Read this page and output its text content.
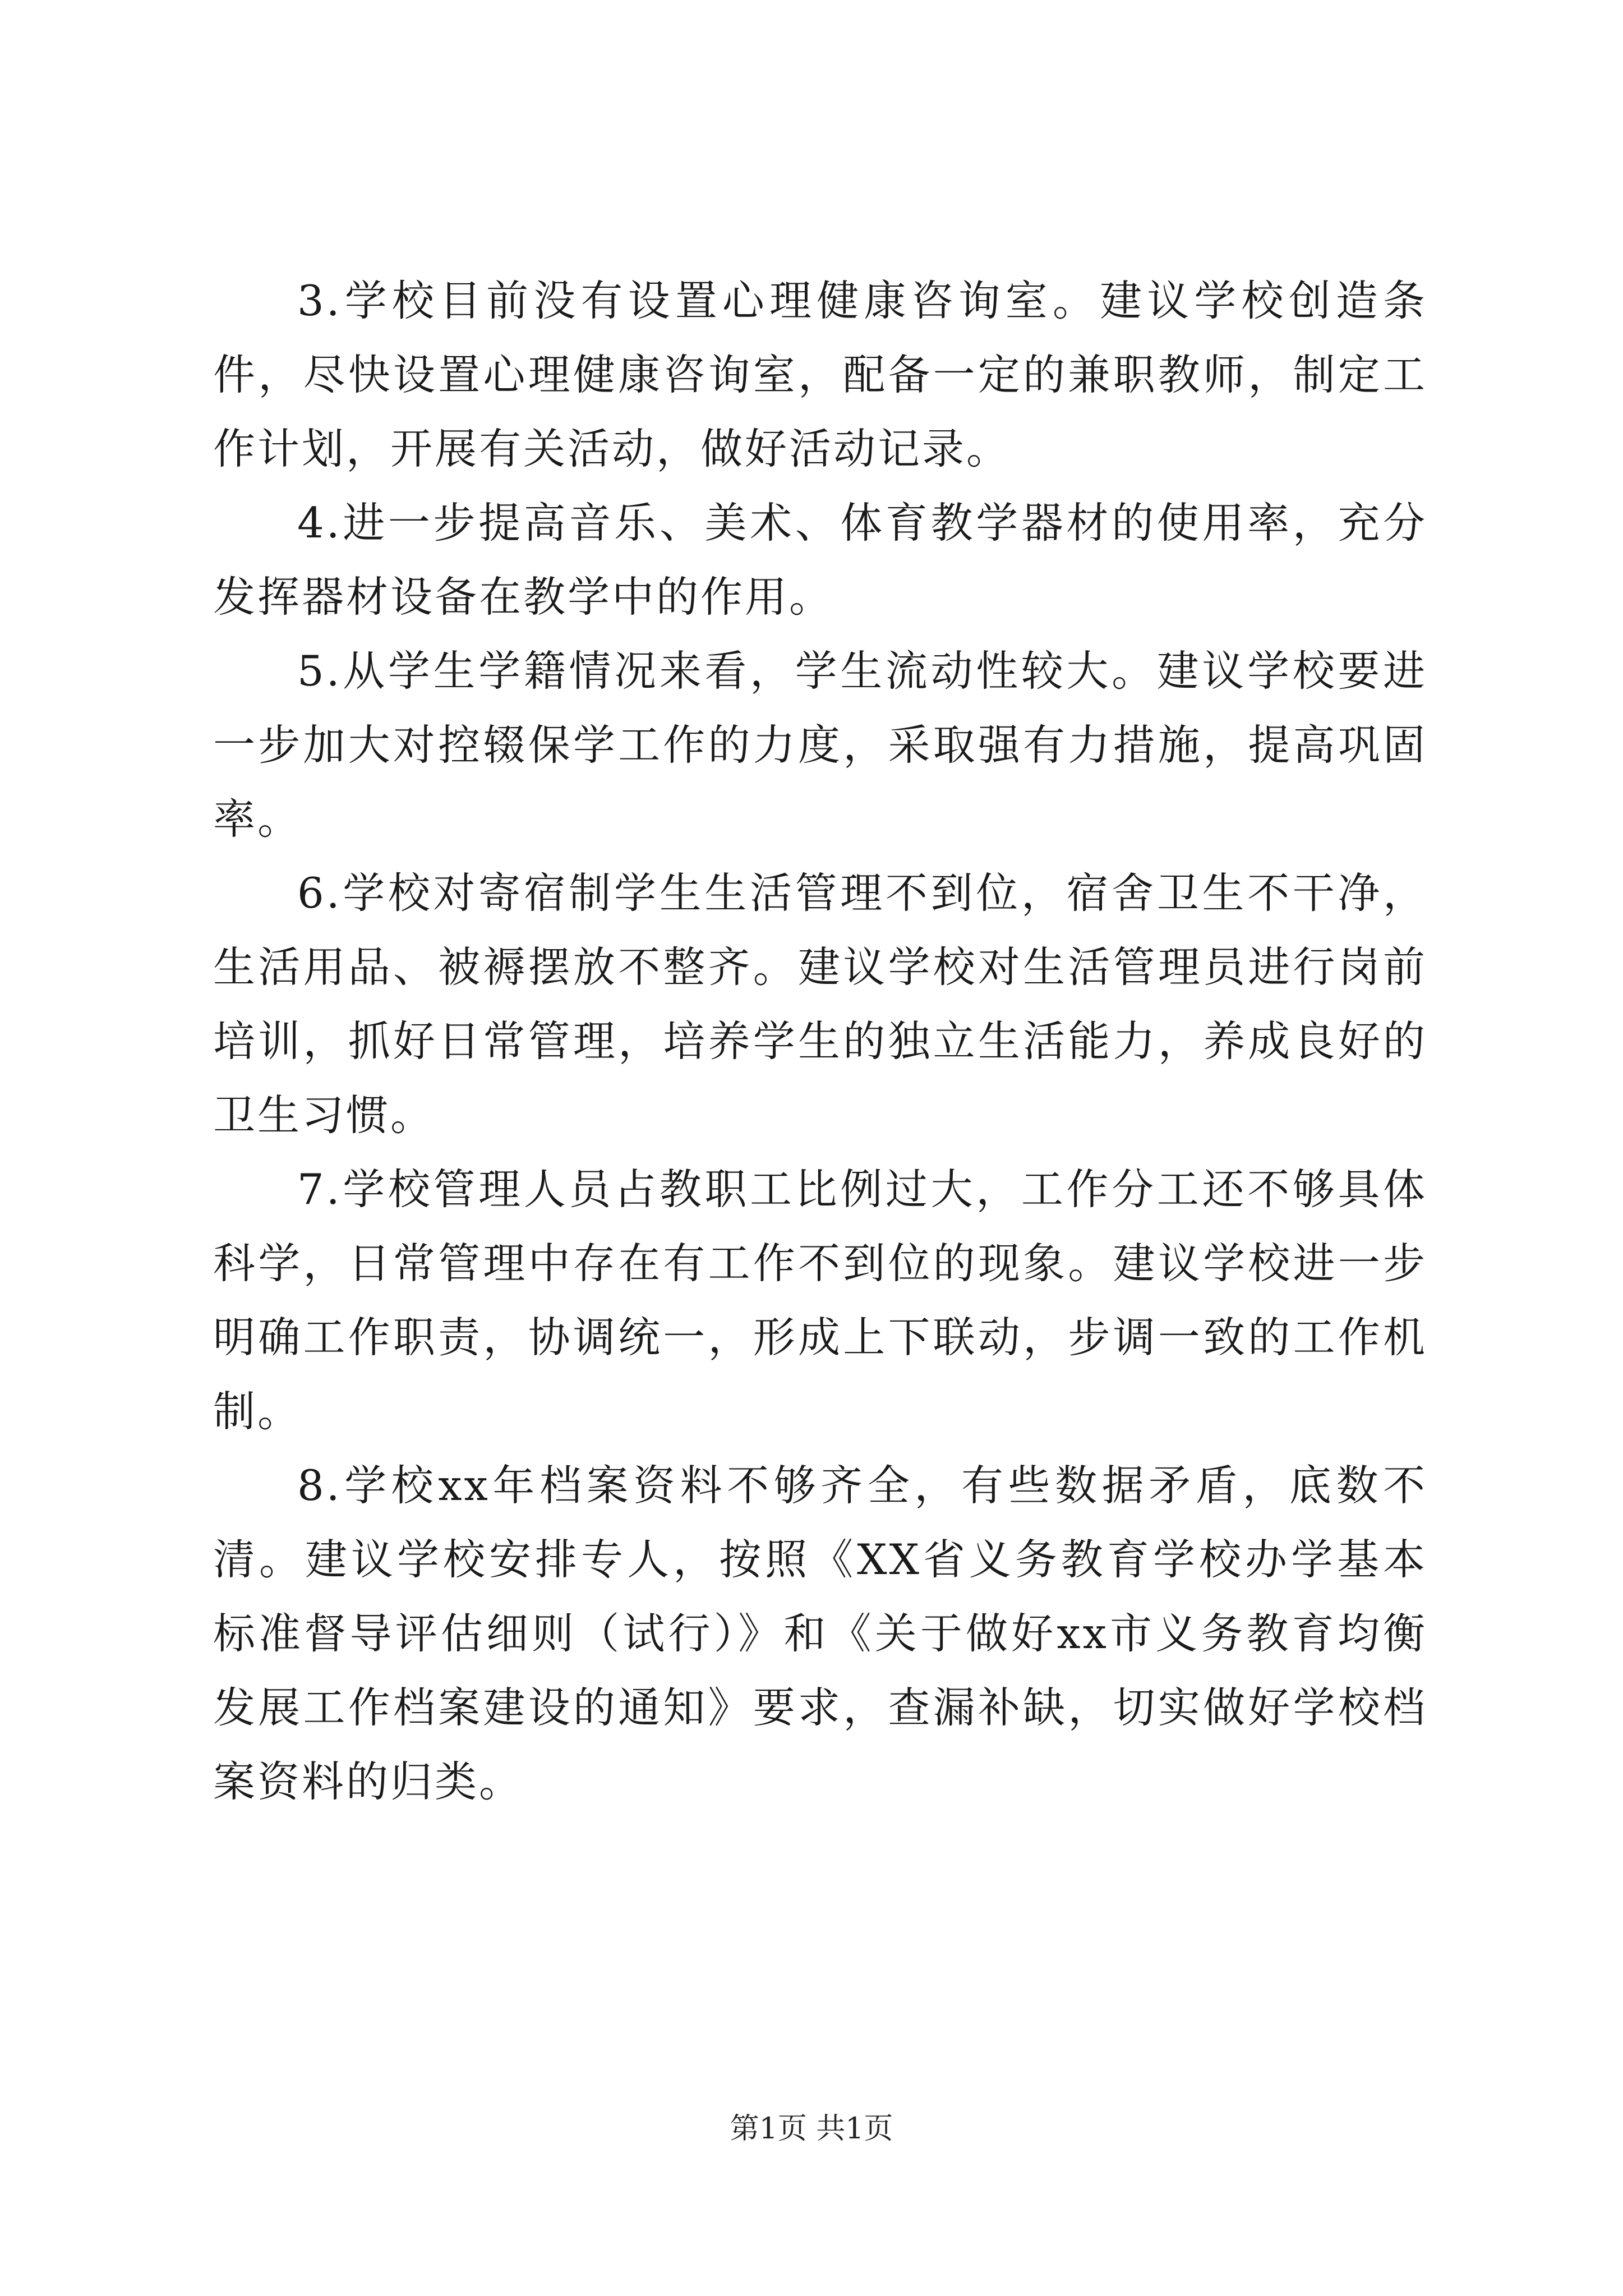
3.学校目前没有设置心理健康咨询室。建议学校创造条件，尽快设置心理健康咨询室，配备一定的兼职教师，制定工作计划，开展有关活动，做好活动记录。

4.进一步提高音乐、美术、体育教学器材的使用率，充分发挥器材设备在教学中的作用。

5.从学生学籍情况来看，学生流动性较大。建议学校要进一步加大对控辍保学工作的力度，采取强有力措施，提高巩固率。

6.学校对寄宿制学生生活管理不到位，宿舍卫生不干净，生活用品、被褥摆放不整齐。建议学校对生活管理员进行岗前培训，抓好日常管理，培养学生的独立生活能力，养成良好的卫生习惯。

7.学校管理人员占教职工比例过大，工作分工还不够具体科学，日常管理中存在有工作不到位的现象。建议学校进一步明确工作职责，协调统一，形成上下联动，步调一致的工作机制。

8.学校xx年档案资料不够齐全，有些数据矛盾，底数不清。建议学校安排专人，按照《XX省义务教育学校办学基本标准督导评估细则（试行）》和《关于做好xx市义务教育均衡发展工作档案建设的通知》要求，查漏补缺，切实做好学校档案资料的归类。

第1页 共1页
